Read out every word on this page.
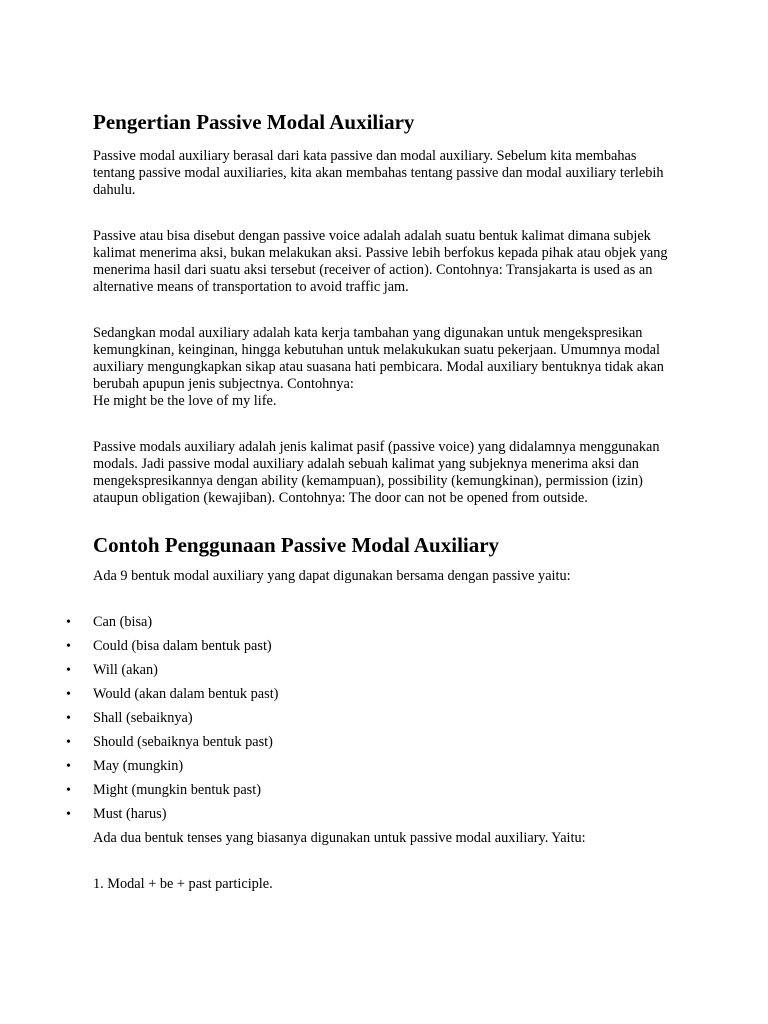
Pengertian Passive Modal Auxiliary

Passive modal auxiliary berasal dari kata passive dan modal auxiliary. Sebelum kita membahas tentang passive modal auxiliaries, kita akan membahas tentang passive dan modal auxiliary terlebih dahulu.

Passive atau bisa disebut dengan passive voice adalah adalah suatu bentuk kalimat dimana subjek kalimat menerima aksi, bukan melakukan aksi. Passive lebih berfokus kepada pihak atau objek yang menerima hasil dari suatu aksi tersebut (receiver of action). Contohnya: Transjakarta is used as an alternative means of transportation to avoid traffic jam.

Sedangkan modal auxiliary adalah kata kerja tambahan yang digunakan untuk mengekspresikan kemungkinan, keinginan, hingga kebutuhan untuk melakukukan suatu pekerjaan. Umumnya modal auxiliary mengungkapkan sikap atau suasana hati pembicara. Modal auxiliary bentuknya tidak akan berubah apupun jenis subjectnya. Contohnya:

He might be the love of my life.

Passive modals auxiliary adalah jenis kalimat pasif (passive voice) yang didalamnya menggunakan modals. Jadi passive modal auxiliary adalah sebuah kalimat yang subjeknya menerima aksi dan mengekspresikannya dengan ability (kemampuan), possibility (kemungkinan), permission (izin) ataupun obligation (kewajiban). Contohnya: The door can not be opened from outside.

Contoh Penggunaan Passive Modal Auxiliary

Ada 9 bentuk modal auxiliary yang dapat digunakan bersama dengan passive yaitu:

• Can (bisa)
• Could (bisa dalam bentuk past)
• Will (akan)
• Would (akan dalam bentuk past)
• Shall (sebaiknya)
• Should (sebaiknya bentuk past)
• May (mungkin)
• Might (mungkin bentuk past)
• Must (harus)

Ada dua bentuk tenses yang biasanya digunakan untuk passive modal auxiliary. Yaitu:

1. Modal + be + past participle.
